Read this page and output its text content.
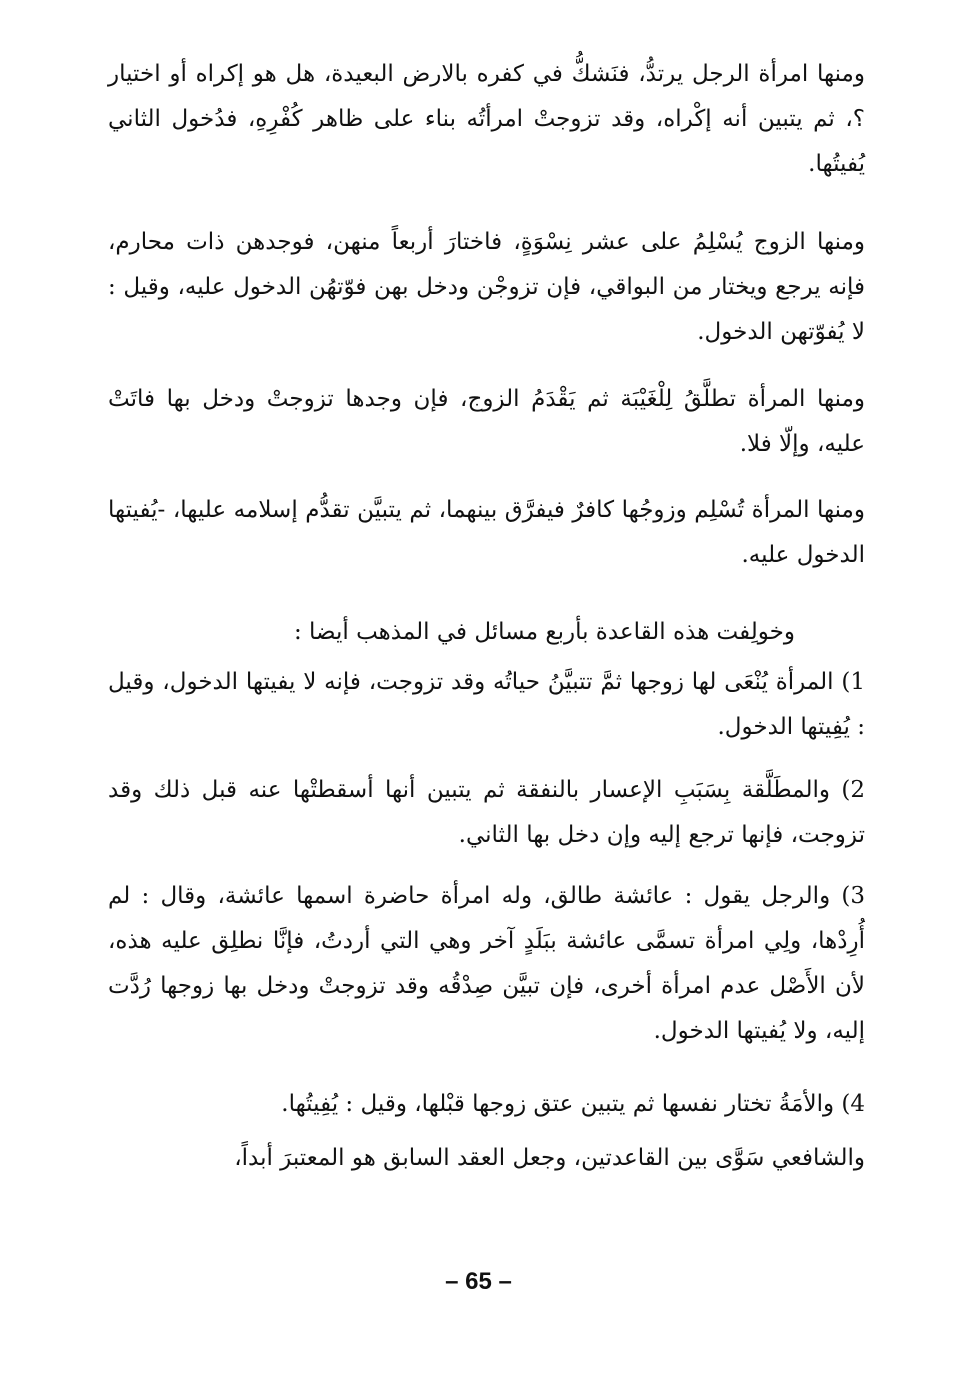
ومنها امرأة الرجل يرتدُّ، فنَشكُّ في كفره بالارض البعيدة، هل هو إكراه أو اختيار ؟، ثم يتبين أنه إكْراه، وقد تزوجتْ امرأتُه بناء على ظاهر كُفْرِهِ، فدُخول الثاني يُفيتُها.

ومنها الزوج يُسْلِمُ على عشر نِسْوَةٍ، فاختارَ أربعاً منهن، فوجدهن ذات محارم، فإنه يرجع ويختار من البواقي، فإن تزوجْن ودخل بهن فوّتهُن الدخول عليه، وقيل : لا يُفوّتهن الدخول.

ومنها المرأة تطلَّقُ لِلْغَيْبَة ثم يَقْدَمُ الزوج، فإن وجدها تزوجتْ ودخل بها فاتَتْ عليه، وإلّا فلا.

ومنها المرأة تُسْلِم وزوجُها كافرٌ فيفرَّق بينهما، ثم يتبيَّن تقدُّم إسلامه عليها، -يُفيتها الدخول عليه.

وخولِفت هذه القاعدة بأربع مسائل في المذهب أيضا :

1) المرأة يُنْعَى لها زوجها ثمَّ تتبيَّنُ حياتُه وقد تزوجت، فإنه لا يفيتها الدخول، وقيل : يُفِيتها الدخول.

2) والمطَلَّقة بِسَبَبِ الإعسار بالنفقة ثم يتبين أنها أسقطتْها عنه قبل ذلك وقد تزوجت، فإنها ترجع إليه وإن دخل بها الثاني.

3) والرجل يقول : عائشة طالق، وله امرأة حاضرة اسمها عائشة، وقال : لم أُرِدْها، ولِي امرأة تسمَّى عائشة ببَلَدٍ آخر وهي التي أردتُ، فإنَّا نطلِق عليه هذه، لأن الأَصْل عدم امرأة أخرى، فإن تبيَّن صِدْقُه وقد تزوجتْ ودخل بها زوجها رُدَّت إليه، ولا يُفيتها الدخول.

4) والأمَةُ تختار نفسها ثم يتبين عتق زوجها قبْلها، وقيل : يُفِيتُها.

والشافعي سَوَّى بين القاعدتين، وجعل العقد السابق هو المعتبرَ أبداً،

– 65 –
